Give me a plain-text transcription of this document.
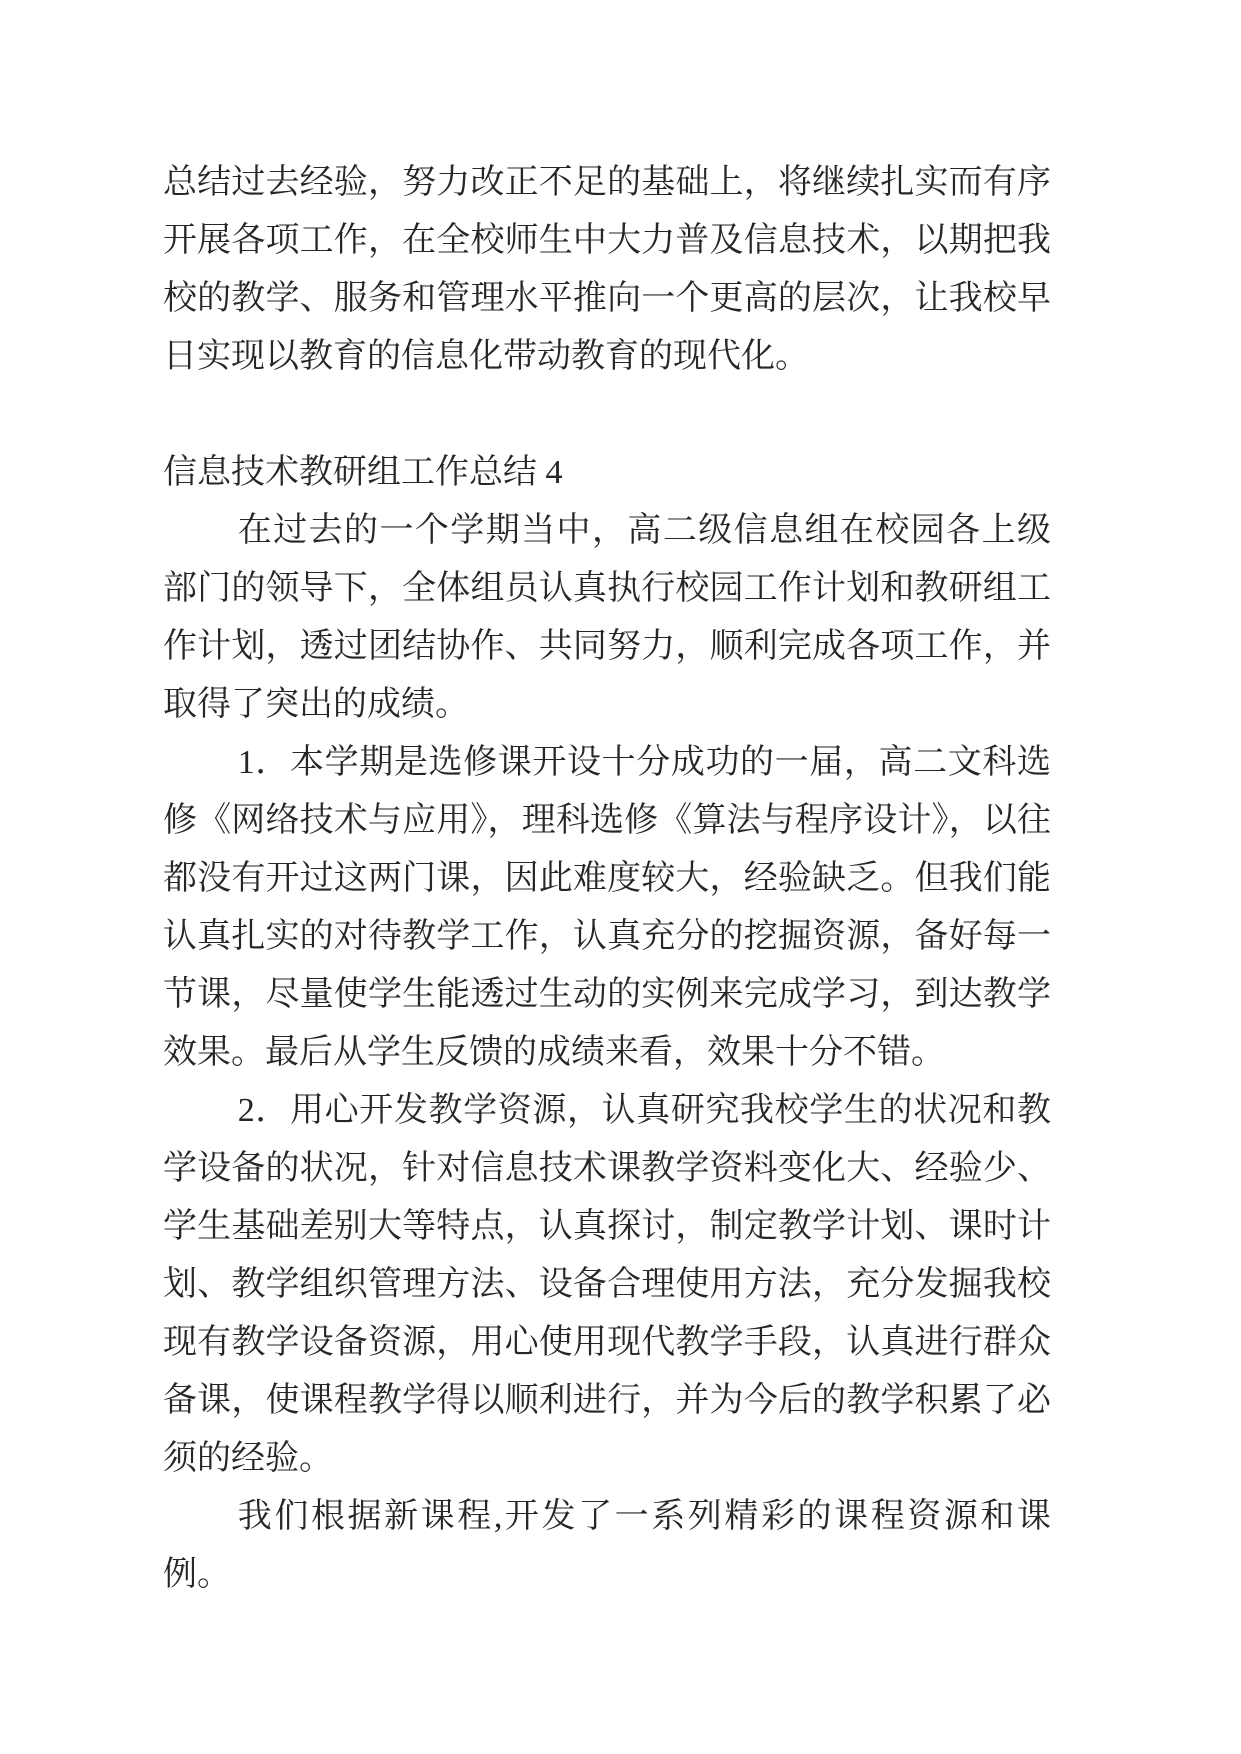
总结过去经验，努力改正不足的基础上，将继续扎实而有序开展各项工作，在全校师生中大力普及信息技术，以期把我校的教学、服务和管理水平推向一个更高的层次，让我校早日实现以教育的信息化带动教育的现代化。

信息技术教研组工作总结 4

在过去的一个学期当中，高二级信息组在校园各上级部门的领导下，全体组员认真执行校园工作计划和教研组工作计划，透过团结协作、共同努力，顺利完成各项工作，并取得了突出的成绩。

1．本学期是选修课开设十分成功的一届，高二文科选修《网络技术与应用》，理科选修《算法与程序设计》，以往都没有开过这两门课，因此难度较大，经验缺乏。但我们能认真扎实的对待教学工作，认真充分的挖掘资源，备好每一节课，尽量使学生能透过生动的实例来完成学习，到达教学效果。最后从学生反馈的成绩来看，效果十分不错。

2．用心开发教学资源，认真研究我校学生的状况和教学设备的状况，针对信息技术课教学资料变化大、经验少、学生基础差别大等特点，认真探讨，制定教学计划、课时计划、教学组织管理方法、设备合理使用方法，充分发掘我校现有教学设备资源，用心使用现代教学手段，认真进行群众备课，使课程教学得以顺利进行，并为今后的教学积累了必须的经验。

我们根据新课程,开发了一系列精彩的课程资源和课例。
